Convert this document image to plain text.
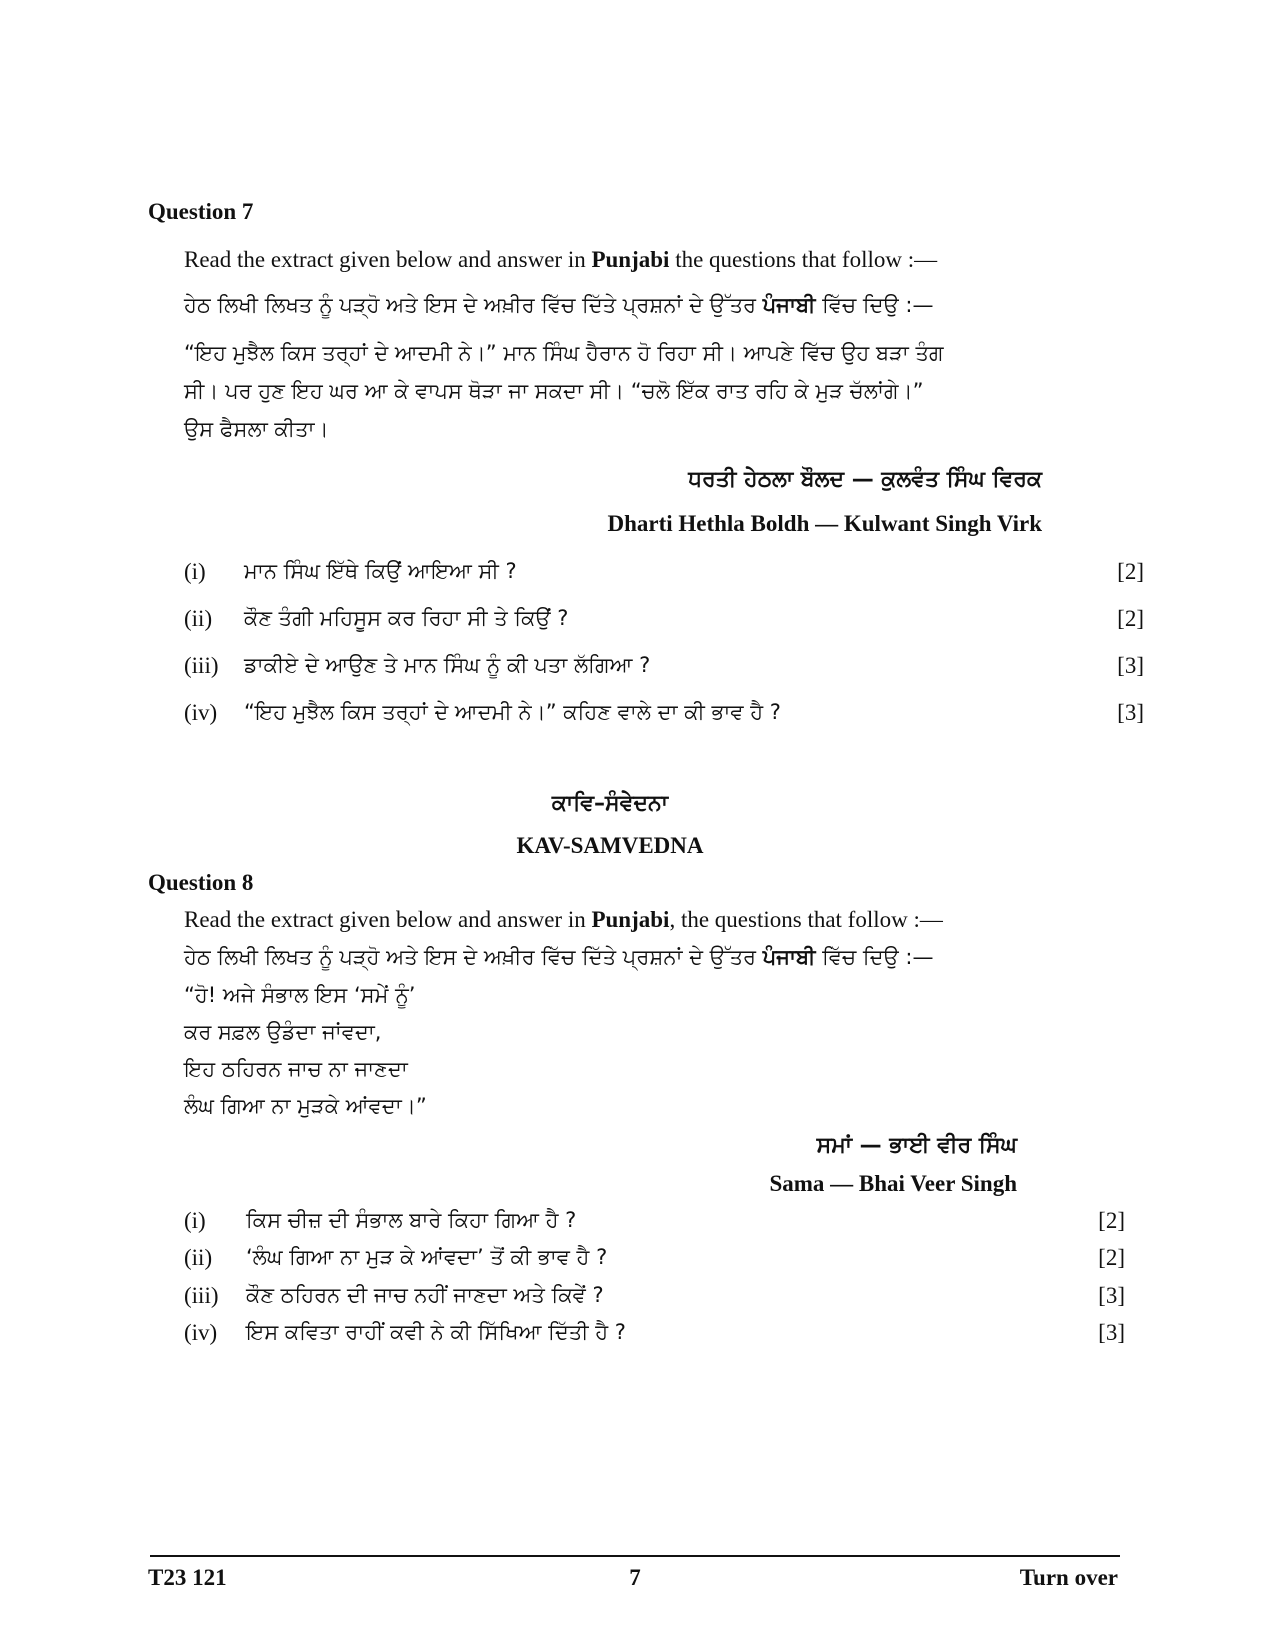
Question 7
Read the extract given below and answer in Punjabi the questions that follow :—
ਹੇਠ ਲਿਖੀ ਲਿਖਤ ਨੂੰ ਪੜ੍ਹੋ ਅਤੇ ਇਸ ਦੇ ਅਖ਼ੀਰ ਵਿੱਚ ਦਿੱਤੇ ਪ੍ਰਸ਼ਨਾਂ ਦੇ ਉੱਤਰ ਪੰਜਾਬੀ ਵਿੱਚ ਦਿਉ :—
“ਇਹ ਮੁਝੈਲ ਕਿਸ ਤਰ੍ਹਾਂ ਦੇ ਆਦਮੀ ਨੇ।” ਮਾਨ ਸਿੰਘ ਹੈਰਾਨ ਹੋ ਰਿਹਾ ਸੀ। ਆਪਣੇ ਵਿੱਚ ਉਹ ਬੜਾ ਤੰਗ
ਸੀ। ਪਰ ਹੁਣ ਇਹ ਘਰ ਆ ਕੇ ਵਾਪਸ ਥੋੜਾ ਜਾ ਸਕਦਾ ਸੀ। “ਚਲੋ ਇੱਕ ਰਾਤ ਰਹਿ ਕੇ ਮੁੜ ਚੱਲਾਂਗੇ।”
ਉਸ ਫੈਸਲਾ ਕੀਤਾ।
ਧਰਤੀ ਹੇਠਲਾ ਬੌਲਦ — ਕੁਲਵੰਤ ਸਿੰਘ ਵਿਰਕ
Dharti Hethla Boldh — Kulwant Singh Virk
(i) ਮਾਨ ਸਿੰਘ ਇੱਥੇ ਕਿਉਂ ਆਇਆ ਸੀ ?	[2]
(ii) ਕੌਣ ਤੰਗੀ ਮਹਿਸੂਸ ਕਰ ਰਿਹਾ ਸੀ ਤੇ ਕਿਉਂ ?	[2]
(iii) ਡਾਕੀਏ ਦੇ ਆਉਣ ਤੇ ਮਾਨ ਸਿੰਘ ਨੂੰ ਕੀ ਪਤਾ ਲੱਗਿਆ ?	[3]
(iv) “ਇਹ ਮੁਝੈਲ ਕਿਸ ਤਰ੍ਹਾਂ ਦੇ ਆਦਮੀ ਨੇ।” ਕਹਿਣ ਵਾਲੇ ਦਾ ਕੀ ਭਾਵ ਹੈ ?	[3]
ਕਾਵਿ–ਸੰਵੇਦਨਾ
KAV-SAMVEDNA
Question 8
Read the extract given below and answer in Punjabi, the questions that follow :—
ਹੇਠ ਲਿਖੀ ਲਿਖਤ ਨੂੰ ਪੜ੍ਹੋ ਅਤੇ ਇਸ ਦੇ ਅਖ਼ੀਰ ਵਿੱਚ ਦਿੱਤੇ ਪ੍ਰਸ਼ਨਾਂ ਦੇ ਉੱਤਰ ਪੰਜਾਬੀ ਵਿੱਚ ਦਿਉ :—
“ਹੋ! ਅਜੇ ਸੰਭਾਲ ਇਸ ‘ਸਮੇਂ ਨੂੰ’
ਕਰ ਸਫ਼ਲ ਉਡੰਦਾ ਜਾਂਵਦਾ,
ਇਹ ਠਹਿਰਨ ਜਾਚ ਨਾ ਜਾਣਦਾ
ਲੰਘ ਗਿਆ ਨਾ ਮੁੜਕੇ ਆਂਵਦਾ।”
ਸਮਾਂ — ਭਾਈ ਵੀਰ ਸਿੰਘ
Sama — Bhai Veer Singh
(i) ਕਿਸ ਚੀਜ਼ ਦੀ ਸੰਭਾਲ ਬਾਰੇ ਕਿਹਾ ਗਿਆ ਹੈ ?	[2]
(ii) ‘ਲੰਘ ਗਿਆ ਨਾ ਮੁੜ ਕੇ ਆਂਵਦਾ’ ਤੋਂ ਕੀ ਭਾਵ ਹੈ ?	[2]
(iii) ਕੌਣ ਠਹਿਰਨ ਦੀ ਜਾਚ ਨਹੀਂ ਜਾਣਦਾ ਅਤੇ ਕਿਵੇਂ ?	[3]
(iv) ਇਸ ਕਵਿਤਾ ਰਾਹੀਂ ਕਵੀ ਨੇ ਕੀ ਸਿੱਖਿਆ ਦਿੱਤੀ ਹੈ ?	[3]
T23 121	7	Turn over
